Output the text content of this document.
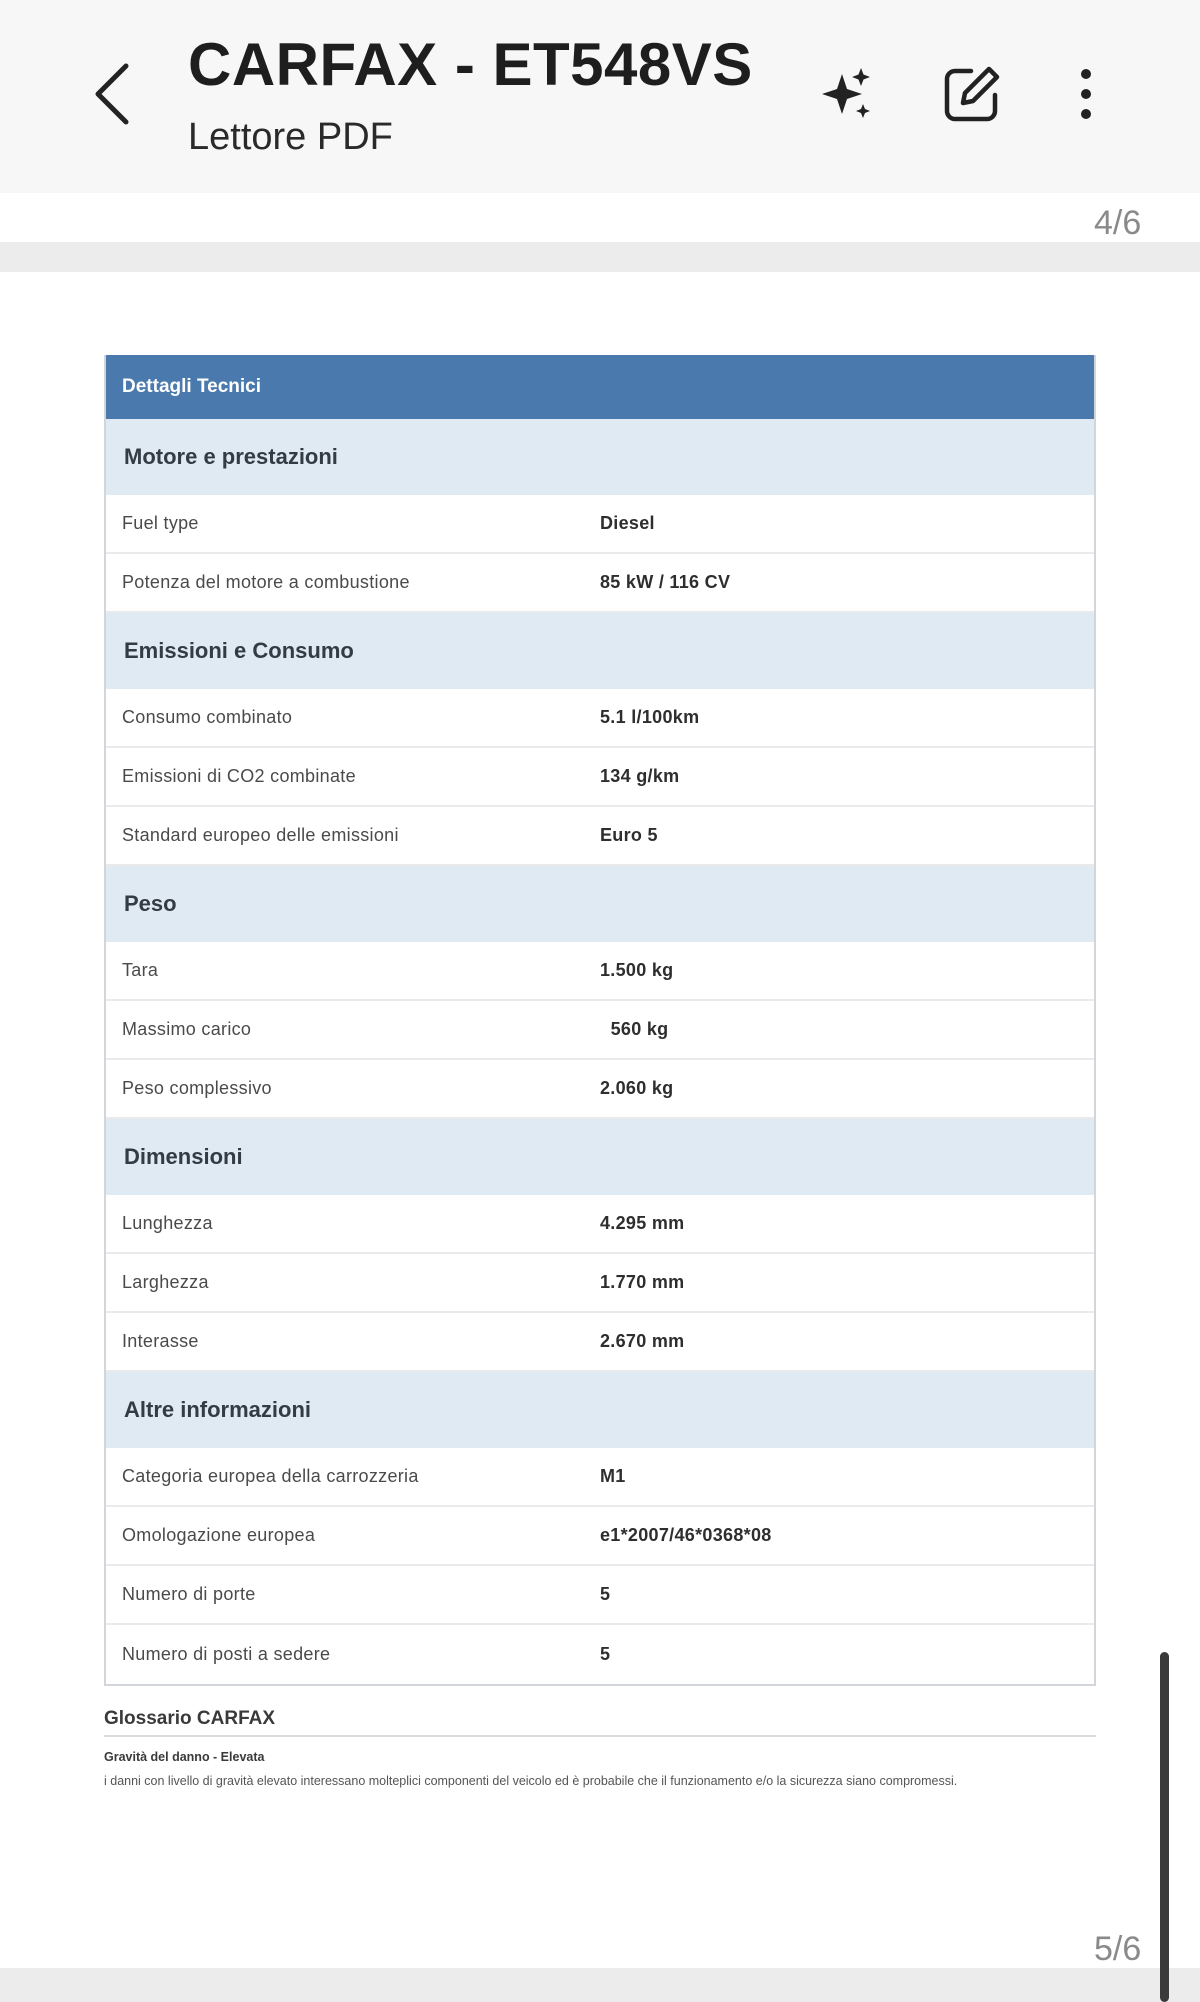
CARFAX - ET548VS
Lettore PDF
4/6
Dettagli Tecnici
Motore e prestazioni
Fuel type	Diesel
Potenza del motore a combustione	85 kW / 116 CV
Emissioni e Consumo
Consumo combinato	5.1 l/100km
Emissioni di CO2 combinate	134 g/km
Standard europeo delle emissioni	Euro 5
Peso
Tara	1.500 kg
Massimo carico	560 kg
Peso complessivo	2.060 kg
Dimensioni
Lunghezza	4.295 mm
Larghezza	1.770 mm
Interasse	2.670 mm
Altre informazioni
Categoria europea della carrozzeria	M1
Omologazione europea	e1*2007/46*0368*08
Numero di porte	5
Numero di posti a sedere	5
Glossario CARFAX
Gravità del danno - Elevata
i danni con livello di gravità elevato interessano molteplici componenti del veicolo ed è probabile che il funzionamento e/o la sicurezza siano compromessi.
5/6
